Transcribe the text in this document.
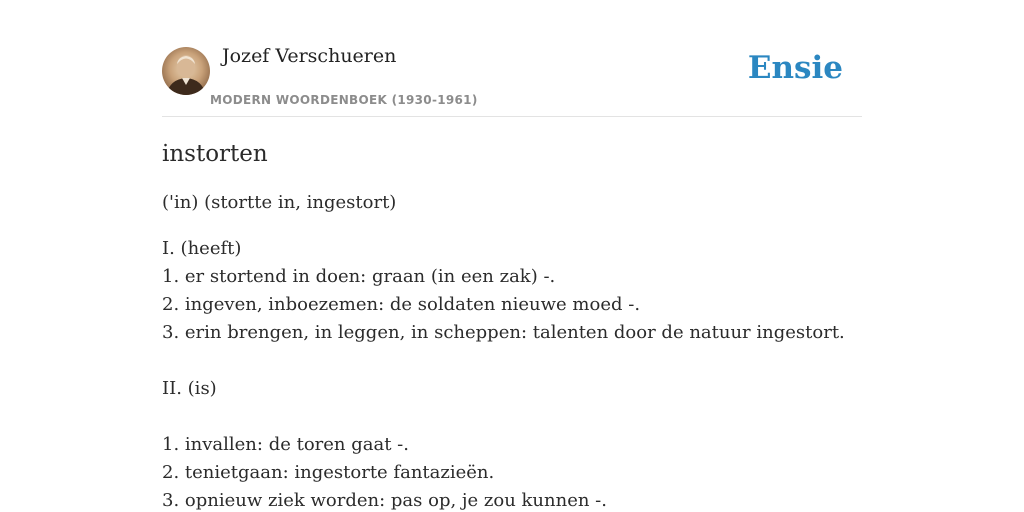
Jozef Verschueren
MODERN WOORDENBOEK (1930-1961)
Ensie
instorten

('in) (stortte in, ingestort)

I. (heeft)
1. er stortend in doen: graan (in een zak) -.
2. ingeven, inboezemen: de soldaten nieuwe moed -.
3. erin brengen, in leggen, in scheppen: talenten door de natuur ingestort.
II. (is)
1. invallen: de toren gaat -.
2. tenietgaan: ingestorte fantazieën.
3. opnieuw ziek worden: pas op, je zou kunnen -.
